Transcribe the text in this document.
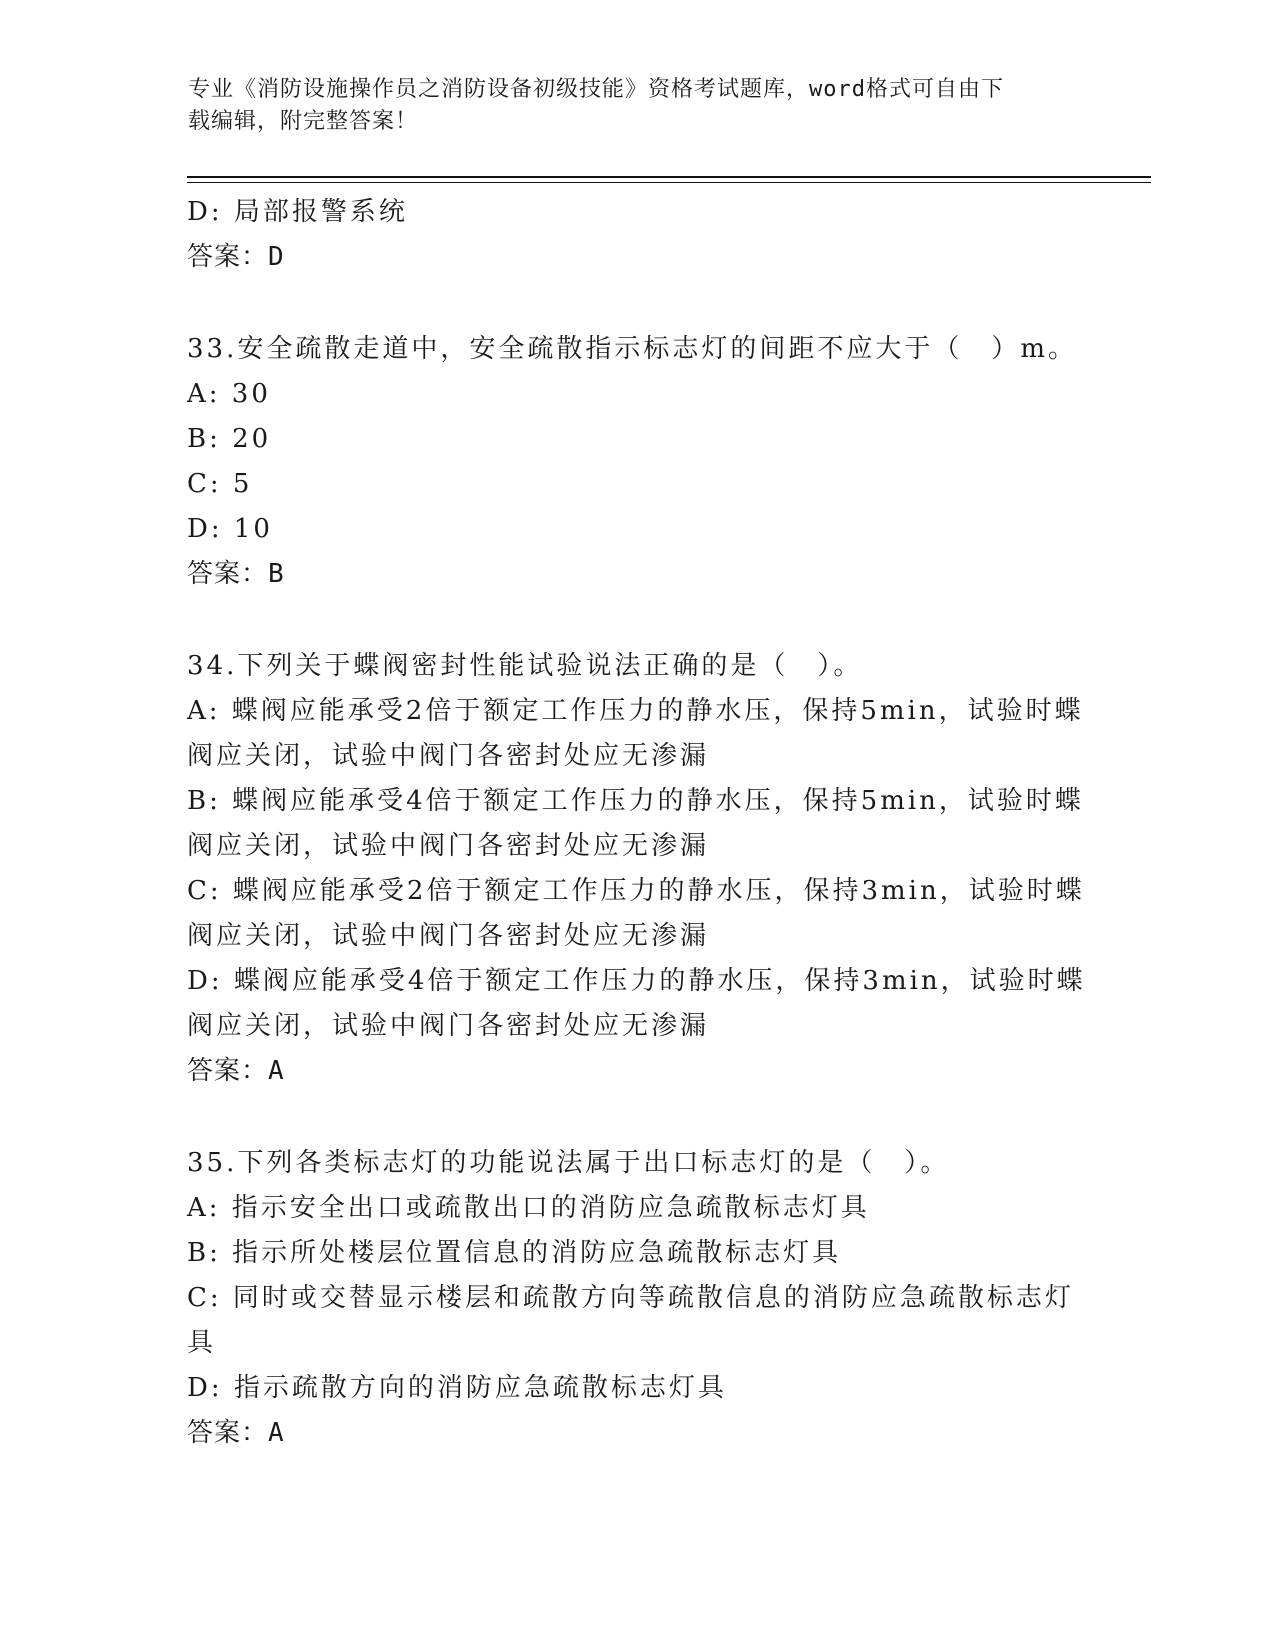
专业《消防设施操作员之消防设备初级技能》资格考试题库，word格式可自由下
载编辑，附完整答案！
D: 局部报警系统
答案：D
33.安全疏散走道中，安全疏散指示标志灯的间距不应大于（　）m。
A: 30
B: 20
C: 5
D: 10
答案：B
34.下列关于蝶阀密封性能试验说法正确的是（　）。
A: 蝶阀应能承受2倍于额定工作压力的静水压，保持5min，试验时蝶
阀应关闭，试验中阀门各密封处应无渗漏
B: 蝶阀应能承受4倍于额定工作压力的静水压，保持5min，试验时蝶
阀应关闭，试验中阀门各密封处应无渗漏
C: 蝶阀应能承受2倍于额定工作压力的静水压，保持3min，试验时蝶
阀应关闭，试验中阀门各密封处应无渗漏
D: 蝶阀应能承受4倍于额定工作压力的静水压，保持3min，试验时蝶
阀应关闭，试验中阀门各密封处应无渗漏
答案：A
35.下列各类标志灯的功能说法属于出口标志灯的是（　）。
A: 指示安全出口或疏散出口的消防应急疏散标志灯具
B: 指示所处楼层位置信息的消防应急疏散标志灯具
C: 同时或交替显示楼层和疏散方向等疏散信息的消防应急疏散标志灯
具
D: 指示疏散方向的消防应急疏散标志灯具
答案：A
